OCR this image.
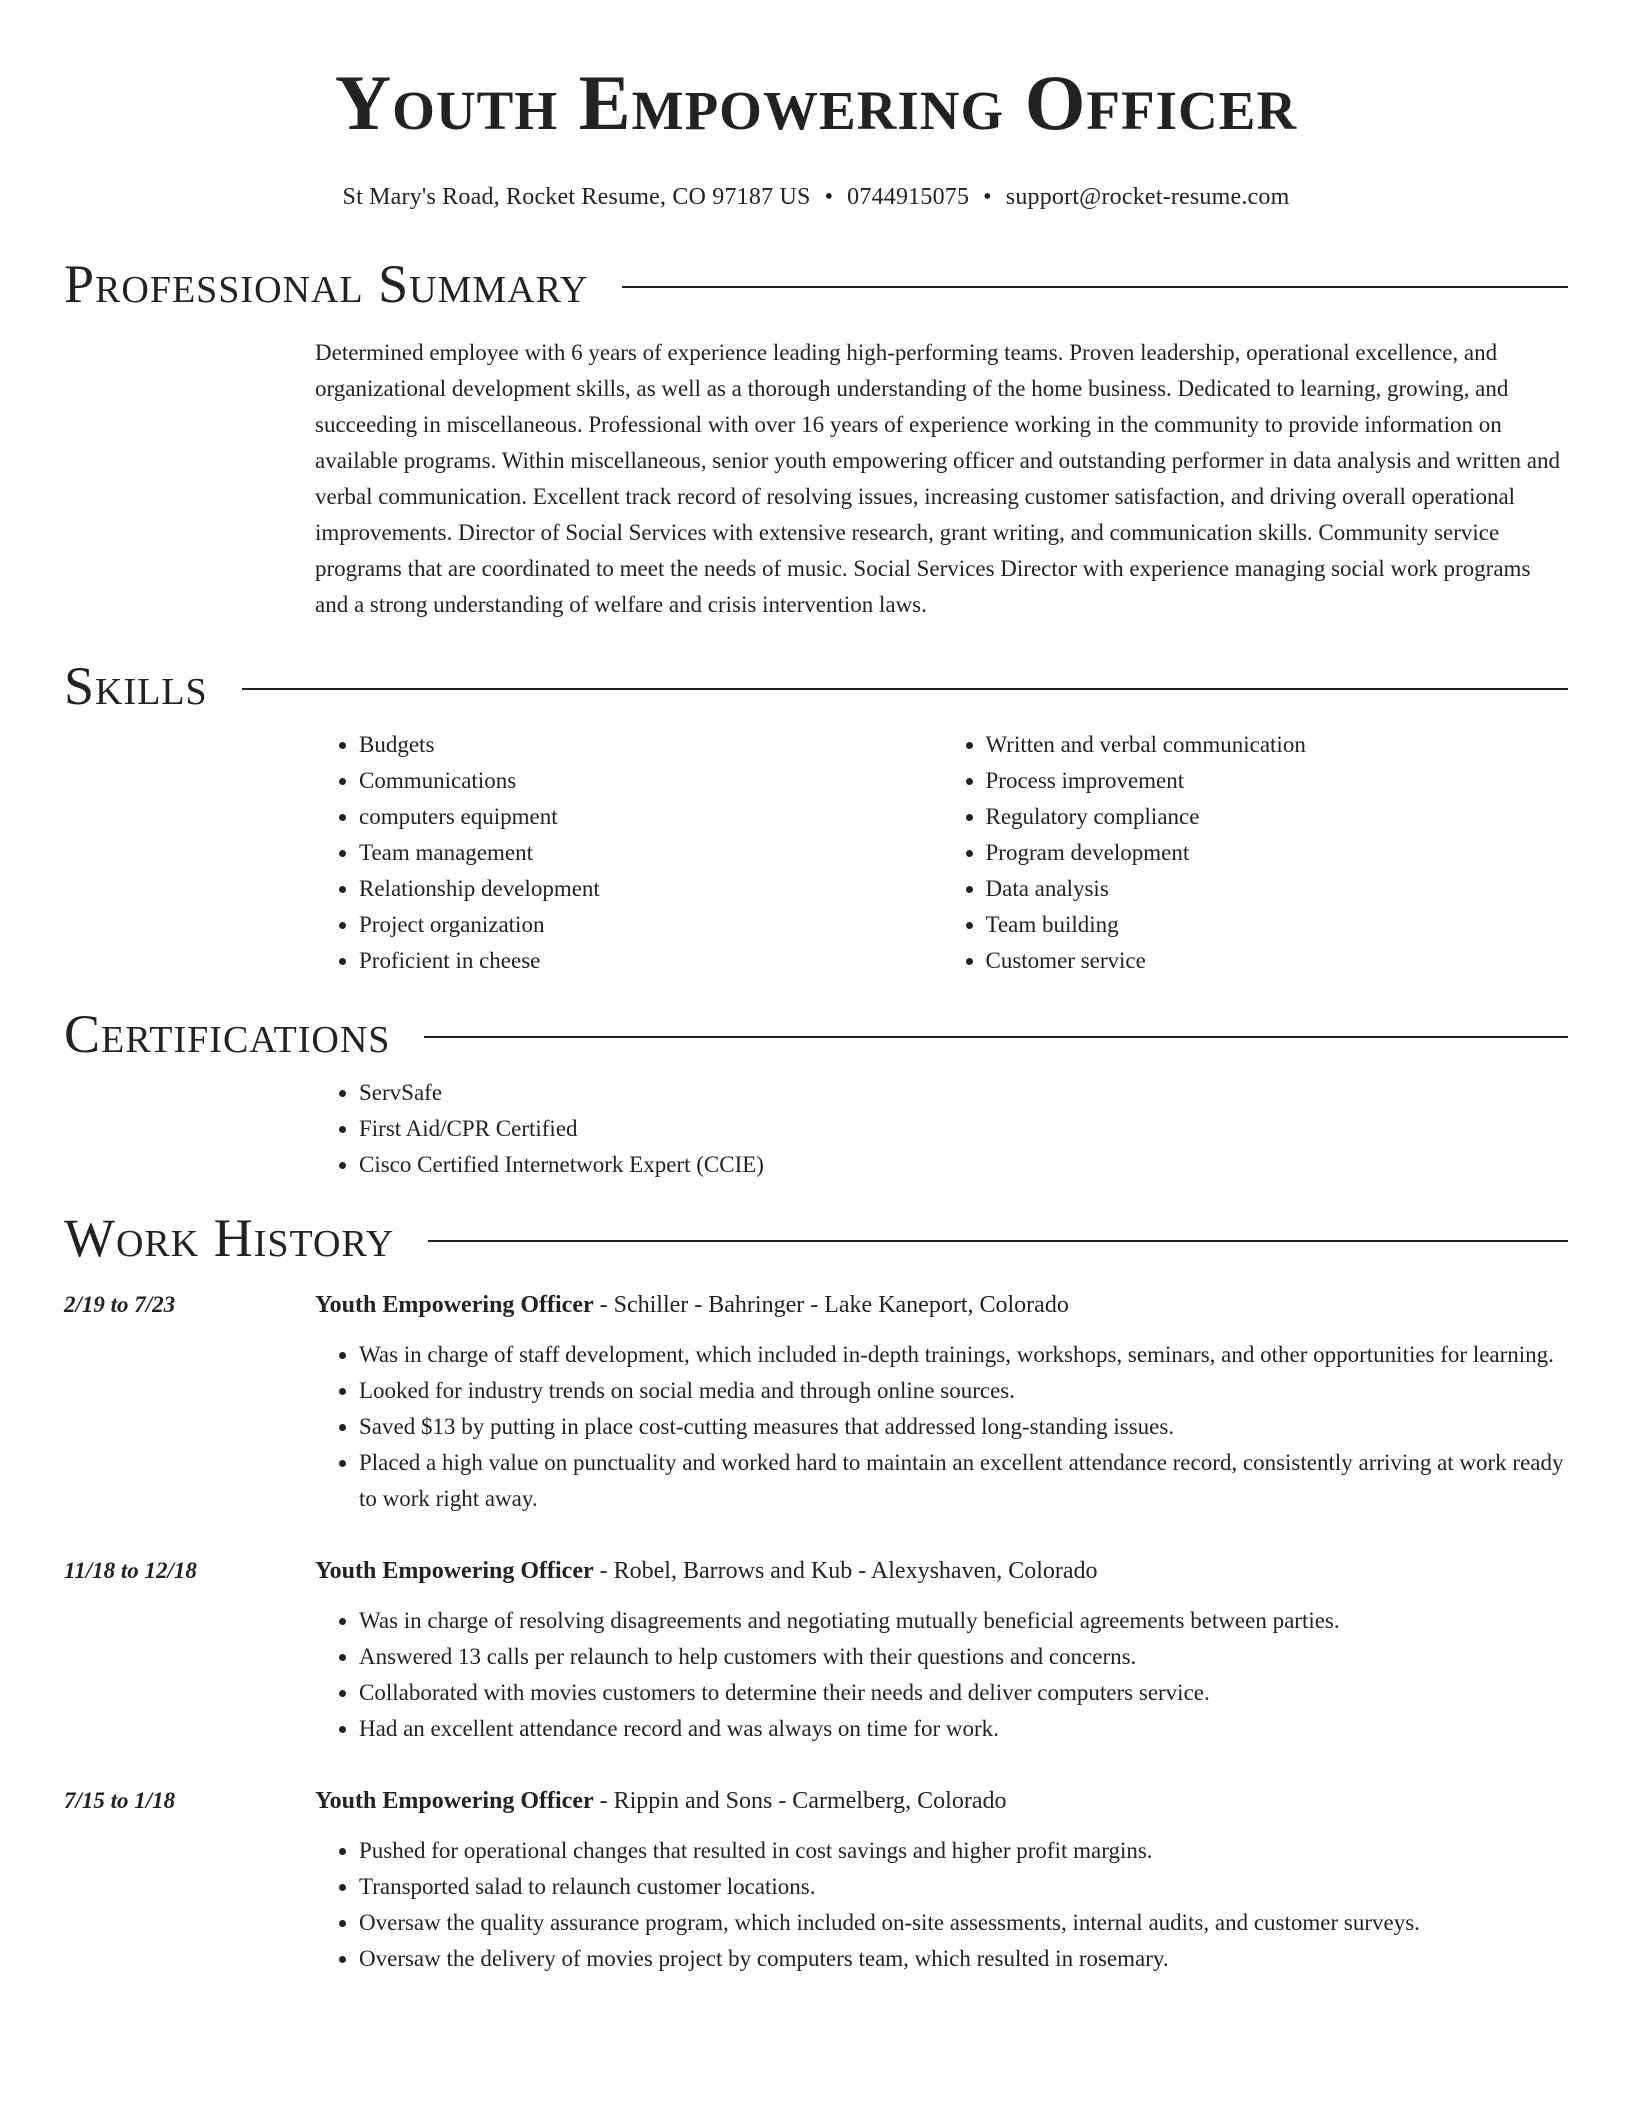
Youth Empowering Officer
St Mary's Road, Rocket Resume, CO 97187 US • 0744915075 • support@rocket-resume.com
Professional Summary

Determined employee with 6 years of experience leading high-performing teams. Proven leadership, operational excellence, and organizational development skills, as well as a thorough understanding of the home business. Dedicated to learning, growing, and succeeding in miscellaneous. Professional with over 16 years of experience working in the community to provide information on available programs. Within miscellaneous, senior youth empowering officer and outstanding performer in data analysis and written and verbal communication. Excellent track record of resolving issues, increasing customer satisfaction, and driving overall operational improvements. Director of Social Services with extensive research, grant writing, and communication skills. Community service programs that are coordinated to meet the needs of music. Social Services Director with experience managing social work programs and a strong understanding of welfare and crisis intervention laws.

Skills
• Budgets
• Communications
• computers equipment
• Team management
• Relationship development
• Project organization
• Proficient in cheese
• Written and verbal communication
• Process improvement
• Regulatory compliance
• Program development
• Data analysis
• Team building
• Customer service
Certifications
• ServSafe
• First Aid/CPR Certified
• Cisco Certified Internetwork Expert (CCIE)
Work History
2/19 to 7/23	Youth Empowering Officer - Schiller - Bahringer - Lake Kaneport, Colorado
• Was in charge of staff development, which included in-depth trainings, workshops, seminars, and other opportunities for learning.
• Looked for industry trends on social media and through online sources.
• Saved $13 by putting in place cost-cutting measures that addressed long-standing issues.
• Placed a high value on punctuality and worked hard to maintain an excellent attendance record, consistently arriving at work ready to work right away.
11/18 to 12/18	Youth Empowering Officer - Robel, Barrows and Kub - Alexyshaven, Colorado
• Was in charge of resolving disagreements and negotiating mutually beneficial agreements between parties.
• Answered 13 calls per relaunch to help customers with their questions and concerns.
• Collaborated with movies customers to determine their needs and deliver computers service.
• Had an excellent attendance record and was always on time for work.
7/15 to 1/18	Youth Empowering Officer - Rippin and Sons - Carmelberg, Colorado
• Pushed for operational changes that resulted in cost savings and higher profit margins.
• Transported salad to relaunch customer locations.
• Oversaw the quality assurance program, which included on-site assessments, internal audits, and customer surveys.
• Oversaw the delivery of movies project by computers team, which resulted in rosemary.
